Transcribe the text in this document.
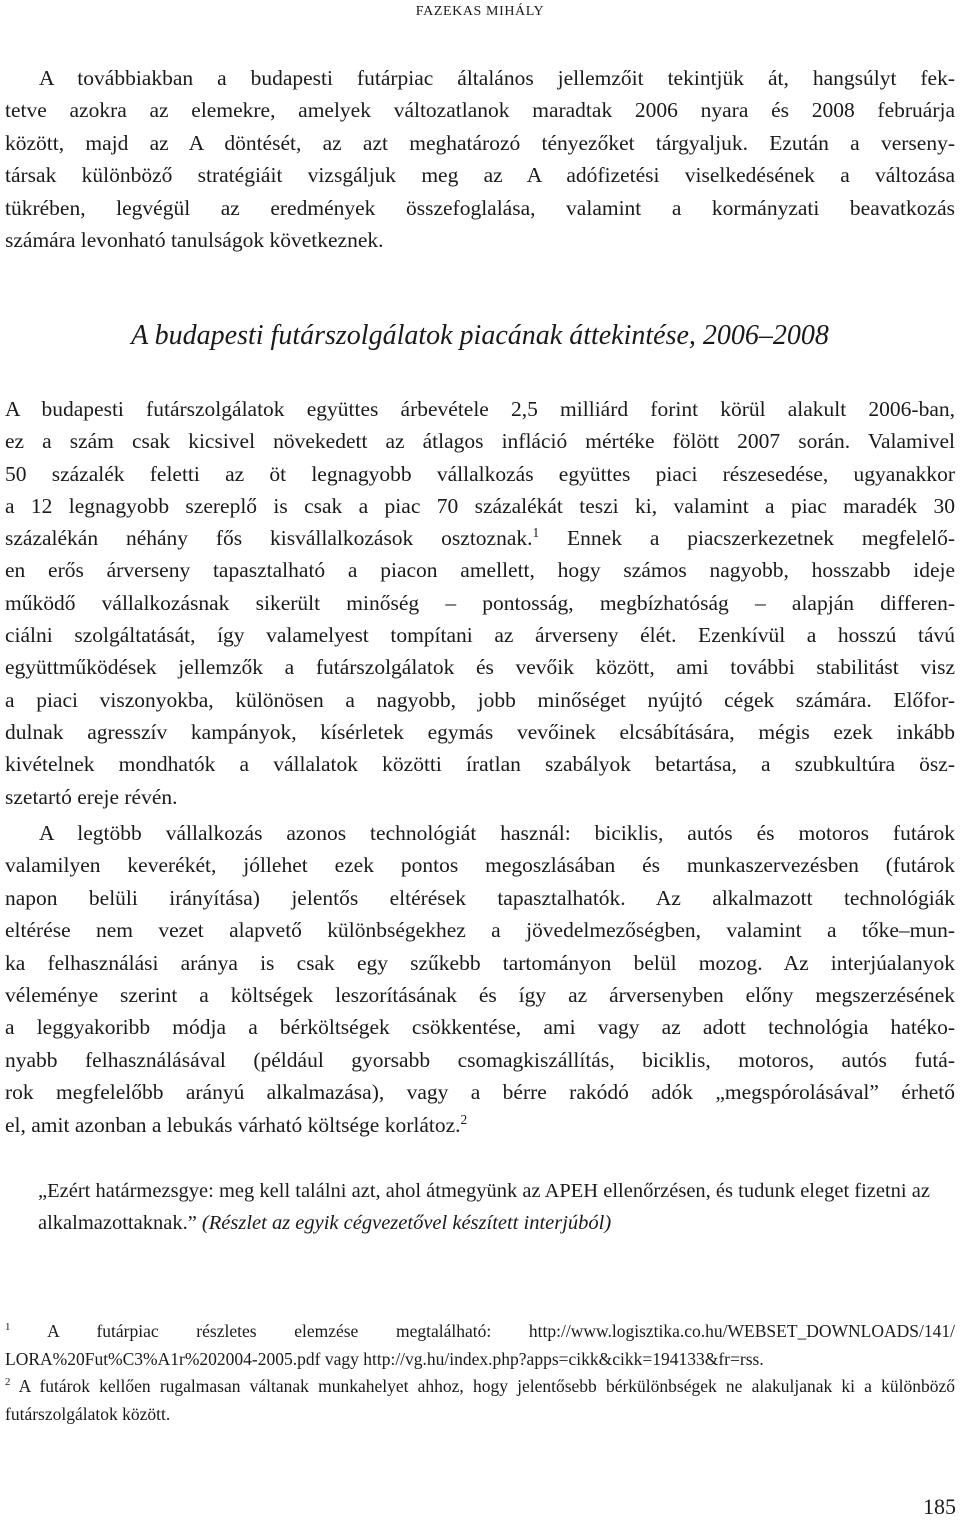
FAZEKAS MIHÁLY
A továbbiakban a budapesti futárpiac általános jellemzőit tekintjük át, hangsúlyt fek-
tetve azokra az elemekre, amelyek változatlanok maradtak 2006 nyara és 2008 februárja
között, majd az A döntését, az azt meghatározó tényezőket tárgyaljuk. Ezután a verseny-
társak különböző stratégiáit vizsgáljuk meg az A adófizetési viselkedésének a változása
tükrében, legvégül az eredmények összefoglalása, valamint a kormányzati beavatkozás
számára levonható tanulságok következnek.
A budapesti futárszolgálatok piacának áttekintése, 2006–2008
A budapesti futárszolgálatok együttes árbevétele 2,5 milliárd forint körül alakult 2006-ban,
ez a szám csak kicsivel növekedett az átlagos infláció mértéke fölött 2007 során. Valamivel
50 százalék feletti az öt legnagyobb vállalkozás együttes piaci részesedése, ugyanakkor
a 12 legnagyobb szereplő is csak a piac 70 százalékát teszi ki, valamint a piac maradék 30
százalékán néhány fős kisvállalkozások osztoznak.$^1$ Ennek a piacszerkezetnek megfelelő-
en erős árverseny tapasztalható a piacon amellett, hogy számos nagyobb, hosszabb ideje
működő vállalkozásnak sikerült minőség – pontosság, megbízhatóság – alapján differen-
ciálni szolgáltatását, így valamelyest tompítani az árverseny élét. Ezenkívül a hosszú távú
együttműködések jellemzők a futárszolgálatok és vevőik között, ami további stabilitást visz
a piaci viszonyokba, különösen a nagyobb, jobb minőséget nyújtó cégek számára. Előfor-
dulnak agresszív kampányok, kísérletek egymás vevőinek elcsábítására, mégis ezek inkább
kivételnek mondhatók a vállalatok közötti íratlan szabályok betartása, a szubkultúra ösz-
szetartó ereje révén.
A legtöbb vállalkozás azonos technológiát használ: biciklis, autós és motoros futárok
valamilyen keverékét, jóllehet ezek pontos megoszlásában és munkaszervezésben (futárok
napon belüli irányítása) jelentős eltérések tapasztalhatók. Az alkalmazott technológiák
eltérése nem vezet alapvető különbségekhez a jövedelmezőségben, valamint a tőke–mun-
ka felhasználási aránya is csak egy szűkebb tartományon belül mozog. Az interjúalanyok
véleménye szerint a költségek leszorításának és így az árversenyben előny megszerzésének
a leggyakoribb módja a bérköltségek csökkentése, ami vagy az adott technológia hatéko-
nyabb felhasználásával (például gyorsabb csomagkiszállítás, biciklis, motoros, autós futá-
rok megfelelőbb arányú alkalmazása), vagy a bérre rakódó adók „megspórolásával” érhető
el, amit azonban a lebukás várható költsége korlátoz.$^2$
„Ezért határmezsgye: meg kell találni azt, ahol átmegyünk az APEH ellenőrzésen, és tudunk eleget fizetni az alkalmazottaknak.” (Részlet az egyik cégvezetővel készített interjúból)

$^1$ A futárpiac részletes elemzése megtalálható: http://www.logisztika.co.hu/WEBSET_DOWNLOADS/141/ LORA%20Fut%C3%A1r%202004-2005.pdf vagy http://vg.hu/index.php?apps=cikk&cikk=194133&fr=rss.

$^2$ A futárok kellően rugalmasan váltanak munkahelyet ahhoz, hogy jelentősebb bérkülönbségek ne alakuljanak ki a különböző futárszolgálatok között.

185
